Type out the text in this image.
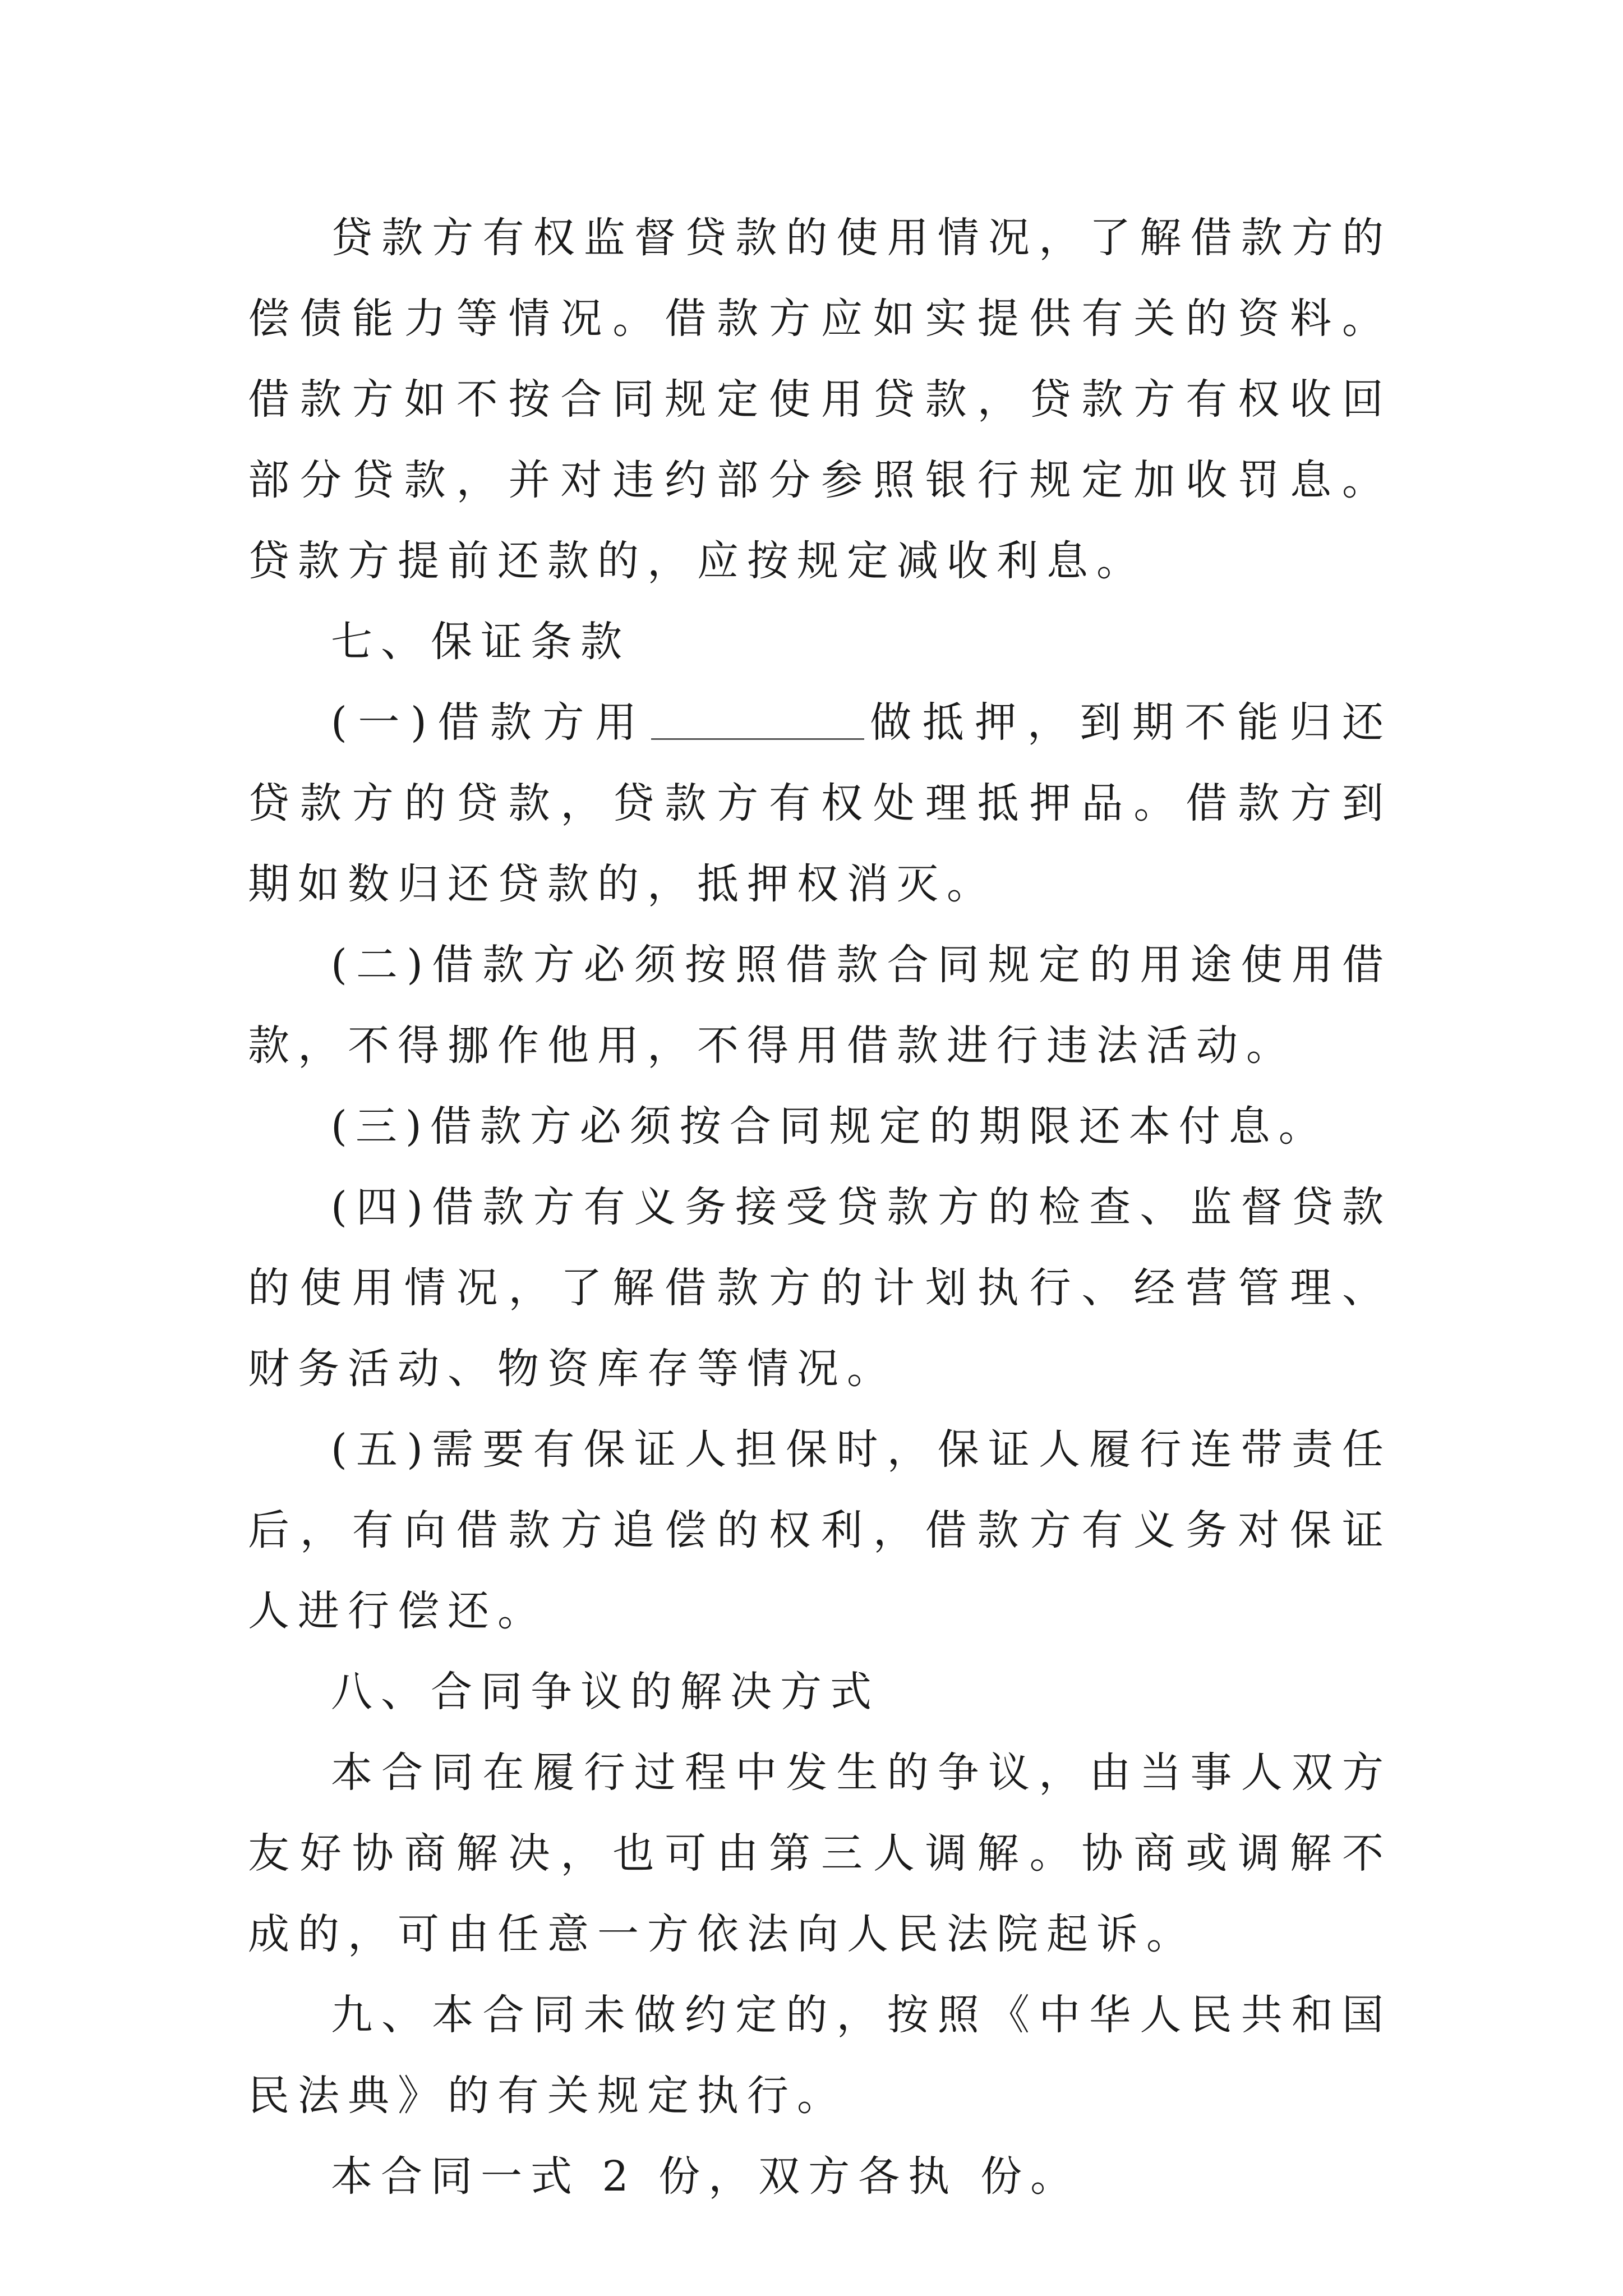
贷款方有权监督贷款的使用情况，了解借款方的偿债能力等情况。借款方应如实提供有关的资料。借款方如不按合同规定使用贷款，贷款方有权收回部分贷款，并对违约部分参照银行规定加收罚息。贷款方提前还款的，应按规定减收利息。

七、保证条款

(一)借款方用	做抵押，到期不能归还贷款方的贷款，贷款方有权处理抵押品。借款方到期如数归还贷款的，抵押权消灭。

(二)借款方必须按照借款合同规定的用途使用借款，不得挪作他用，不得用借款进行违法活动。

(三)借款方必须按合同规定的期限还本付息。

(四)借款方有义务接受贷款方的检查、监督贷款的使用情况，了解借款方的计划执行、经营管理、财务活动、物资库存等情况。

(五)需要有保证人担保时，保证人履行连带责任后，有向借款方追偿的权利，借款方有义务对保证人进行偿还。

八、合同争议的解决方式

本合同在履行过程中发生的争议，由当事人双方友好协商解决，也可由第三人调解。协商或调解不成的，可由任意一方依法向人民法院起诉。

九、本合同未做约定的，按照《中华人民共和国民法典》的有关规定执行。

本合同一式 2 份，双方各执 份。
